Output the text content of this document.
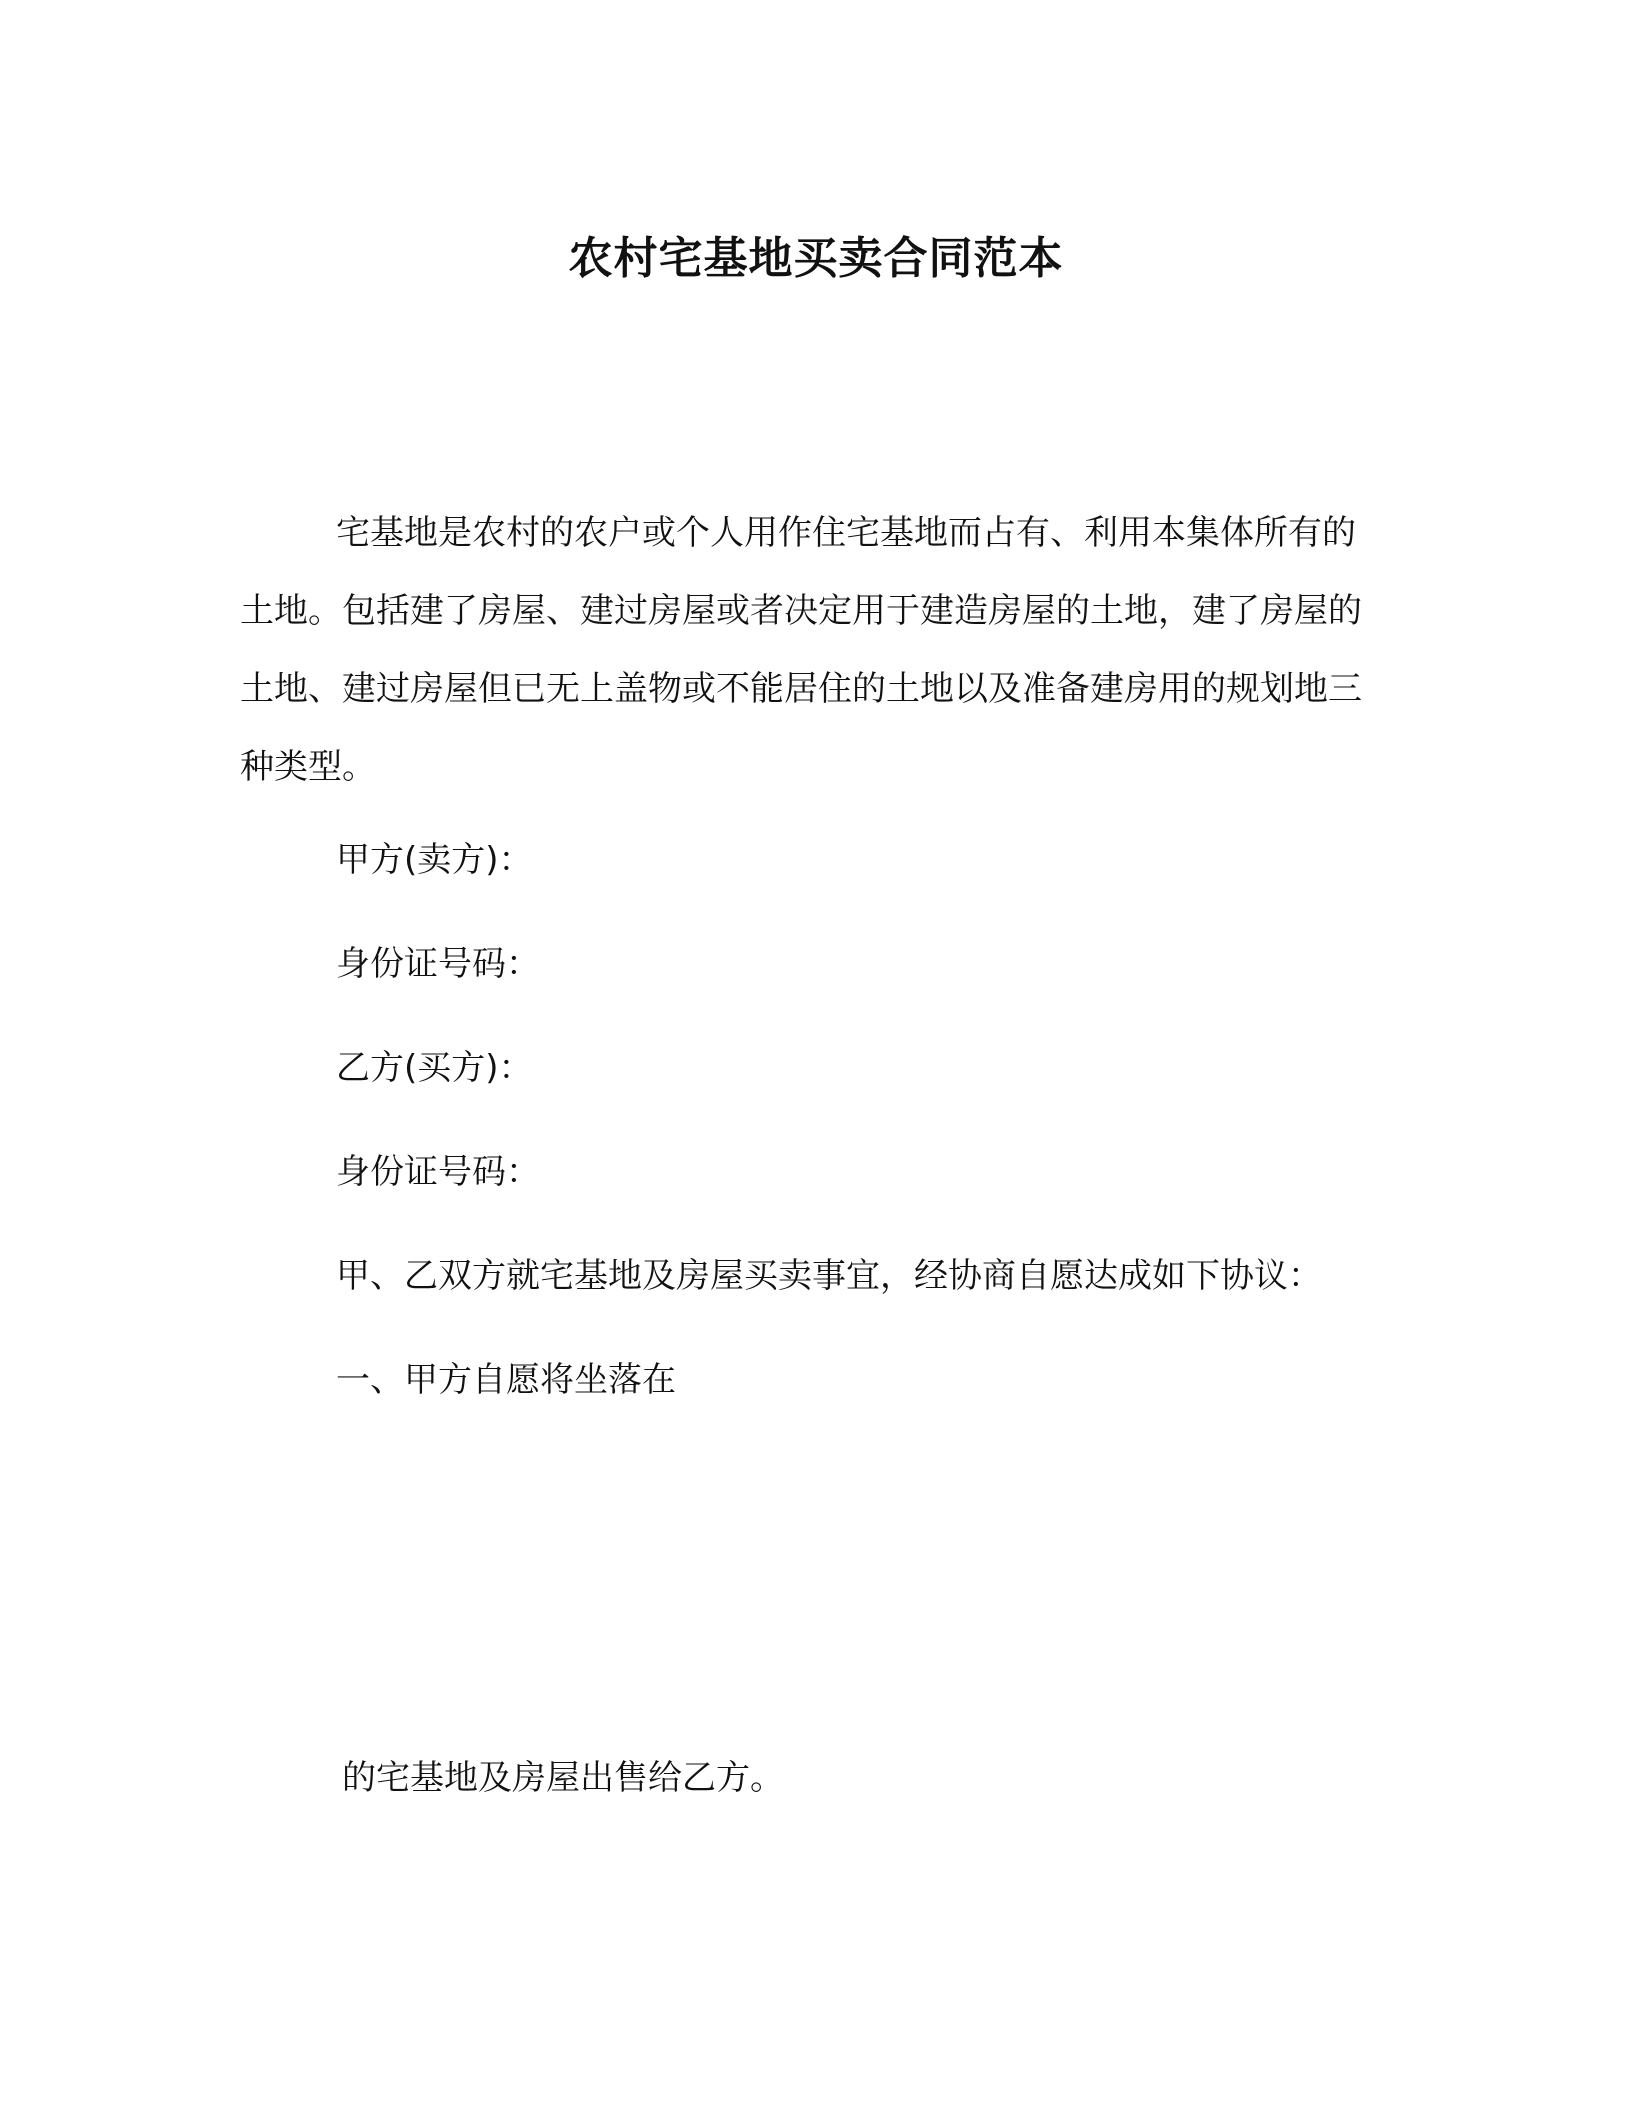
农村宅基地买卖合同范本

宅基地是农村的农户或个人用作住宅基地而占有、利用本集体所有的土地。包括建了房屋、建过房屋或者决定用于建造房屋的土地，建了房屋的土地、建过房屋但已无上盖物或不能居住的土地以及准备建房用的规划地三种类型。

甲方(卖方)：

身份证号码：

乙方(买方)：

身份证号码：

甲、乙双方就宅基地及房屋买卖事宜，经协商自愿达成如下协议：

一、甲方自愿将坐落在

的宅基地及房屋出售给乙方。
